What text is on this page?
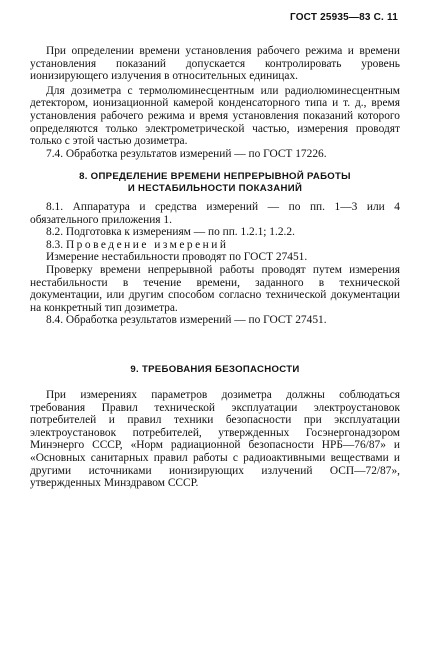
ГОСТ 25935—83 С. 11

При определении времени установления рабочего режима и времени установления показаний допускается контролировать уровень ионизирующего излучения в относительных единицах.

Для дозиметра с термолюминесцентным или радиолюминесцентным детектором, ионизационной камерой конденсаторного типа и т. д., время установления рабочего режима и время установления показаний которого определяются только электрометрической частью, измерения проводят только с этой частью дозиметра.

7.4. Обработка результатов измерений — по ГОСТ 17226.

8. ОПРЕДЕЛЕНИЕ ВРЕМЕНИ НЕПРЕРЫВНОЙ РАБОТЫ

И НЕСТАБИЛЬНОСТИ ПОКАЗАНИЙ

8.1. Аппаратура и средства измерений — по пп. 1—3 или 4 обязательного приложения 1.

8.2. Подготовка к измерениям — по пп. 1.2.1; 1.2.2.

8.3. Проведение измерений

Измерение нестабильности проводят по ГОСТ 27451.

Проверку времени непрерывной работы проводят путем измерения нестабильности в течение времени, заданного в технической документации, или другим способом согласно технической документации на конкретный тип дозиметра.

8.4. Обработка результатов измерений — по ГОСТ 27451.

9. ТРЕБОВАНИЯ БЕЗОПАСНОСТИ

При измерениях параметров дозиметра должны соблюдаться требования Правил технической эксплуатации электроустановок потребителей и правил техники безопасности при эксплуатации электроустановок потребителей, утвержденных Госэнергонадзором Минэнерго СССР, «Норм радиационной безопасности НРБ—76/87» и «Основных санитарных правил работы с радиоактивными веществами и другими источниками ионизирующих излучений ОСП—72/87», утвержденных Минздравом СССР.
